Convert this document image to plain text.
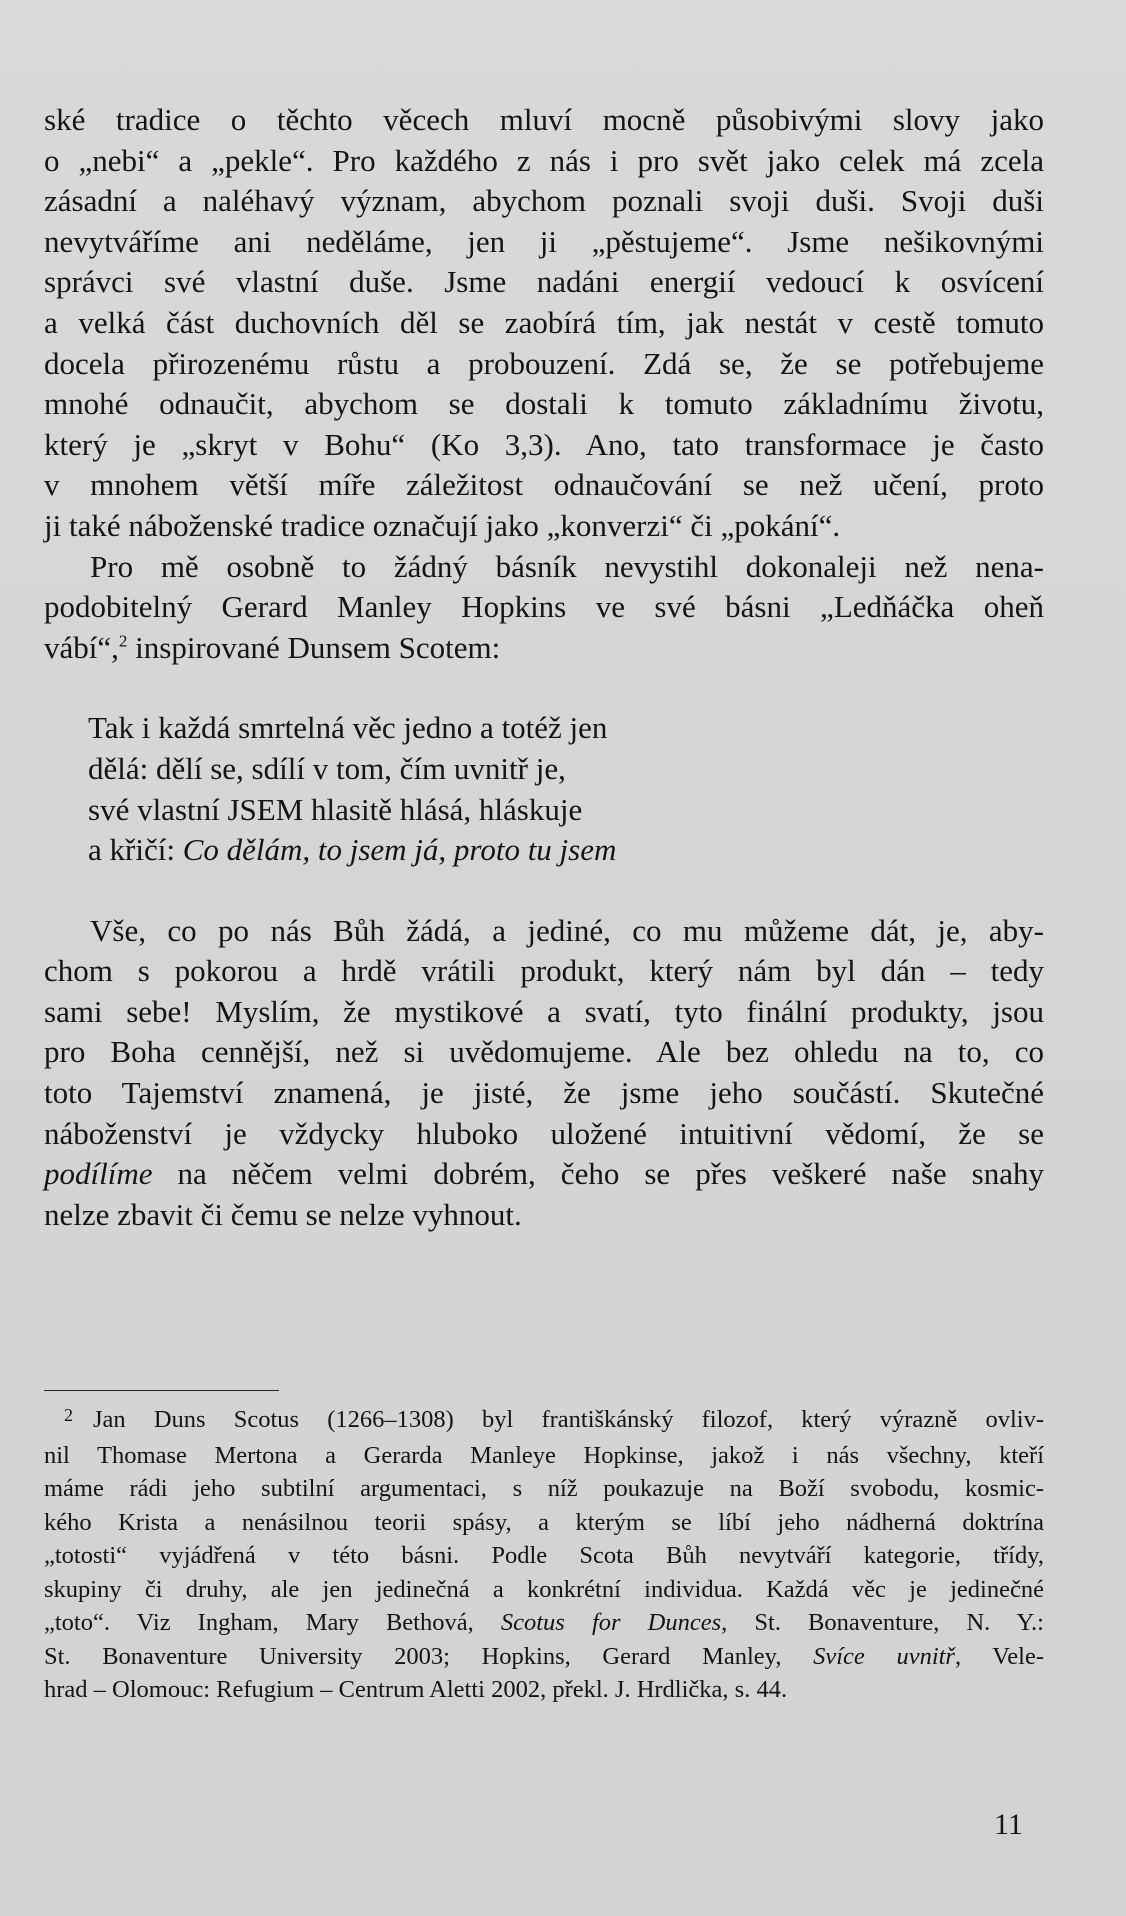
ské tradice o těchto věcech mluví mocně působivými slovy jako
o „nebi“ a „pekle“. Pro každého z nás i pro svět jako celek má zcela
zásadní a naléhavý význam, abychom poznali svoji duši. Svoji duši
nevytváříme ani neděláme, jen ji „pěstujeme“. Jsme nešikovnými
správci své vlastní duše. Jsme nadáni energií vedoucí k osvícení
a velká část duchovních děl se zaobírá tím, jak nestát v cestě tomuto
docela přirozenému růstu a probouzení. Zdá se, že se potřebujeme
mnohé odnaučit, abychom se dostali k tomuto základnímu životu,
který je „skryt v Bohu“ (Ko 3,3). Ano, tato transformace je často
v mnohem větší míře záležitost odnaučování se než učení, proto
ji také náboženské tradice označují jako „konverzi“ či „pokání“.
Pro mě osobně to žádný básník nevystihl dokonaleji než nena-
podobitelný Gerard Manley Hopkins ve své básni „Ledňáčka oheň
vábí“,$^2$ inspirované Dunsem Scotem:
Tak i každá smrtelná věc jedno a totéž jen
dělá: dělí se, sdílí v tom, čím uvnitř je,
své vlastní JSEM hlasitě hlásá, hláskuje
a křičí: Co dělám, to jsem já, proto tu jsem
Vše, co po nás Bůh žádá, a jediné, co mu můžeme dát, je, aby-
chom s pokorou a hrdě vrátili produkt, který nám byl dán – tedy
sami sebe! Myslím, že mystikové a svatí, tyto finální produkty, jsou
pro Boha cennější, než si uvědomujeme. Ale bez ohledu na to, co
toto Tajemství znamená, je jisté, že jsme jeho součástí. Skutečné
náboženství je vždycky hluboko uložené intuitivní vědomí, že se
podílíme na něčem velmi dobrém, čeho se přes veškeré naše snahy
nelze zbavit či čemu se nelze vyhnout.
$^2$ Jan Duns Scotus (1266–1308) byl františkánský filozof, který výrazně ovliv-
nil Thomase Mertona a Gerarda Manleye Hopkinse, jakož i nás všechny, kteří
máme rádi jeho subtilní argumentaci, s níž poukazuje na Boží svobodu, kosmic-
kého Krista a nenásilnou teorii spásy, a kterým se líbí jeho nádherná doktrína
„totosti“ vyjádřená v této básni. Podle Scota Bůh nevytváří kategorie, třídy,
skupiny či druhy, ale jen jedinečná a konkrétní individua. Každá věc je jedinečné
„toto“. Viz Ingham, Mary Bethová, Scotus for Dunces, St. Bonaventure, N. Y.:
St. Bonaventure University 2003; Hopkins, Gerard Manley, Svíce uvnitř, Vele-
hrad – Olomouc: Refugium – Centrum Aletti 2002, překl. J. Hrdlička, s. 44.
11
